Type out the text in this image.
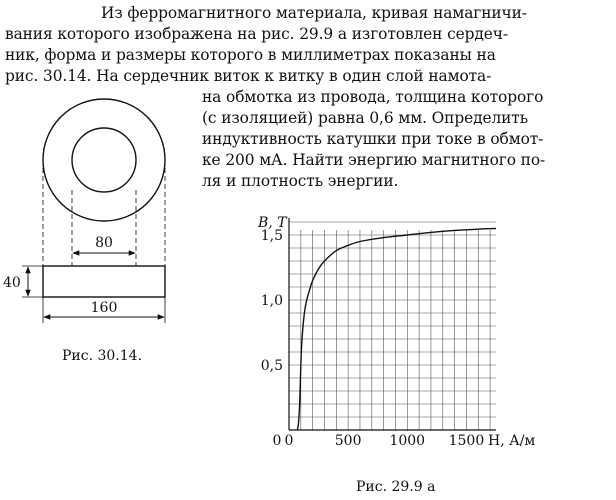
Из ферромагнитного материала, кривая намагничи-
вания которого изображена на рис. 29.9 а изготовлен сердеч-
ник, форма и размеры которого в миллиметрах показаны на
рис. 30.14. На сердечник виток к витку в один слой намота-
на обмотка из провода, толщина которого
(с изоляцией) равна 0,6 мм. Определить
индуктивность катушки при токе в обмот-
ке 200 мА. Найти энергию магнитного по-
ля и плотность энергии.
80
40
160
Рис. 30.14.
0	500 1000 1500
0
0,5
1,0
1,5
B, Т
H, А/м
Рис. 29.9 а
